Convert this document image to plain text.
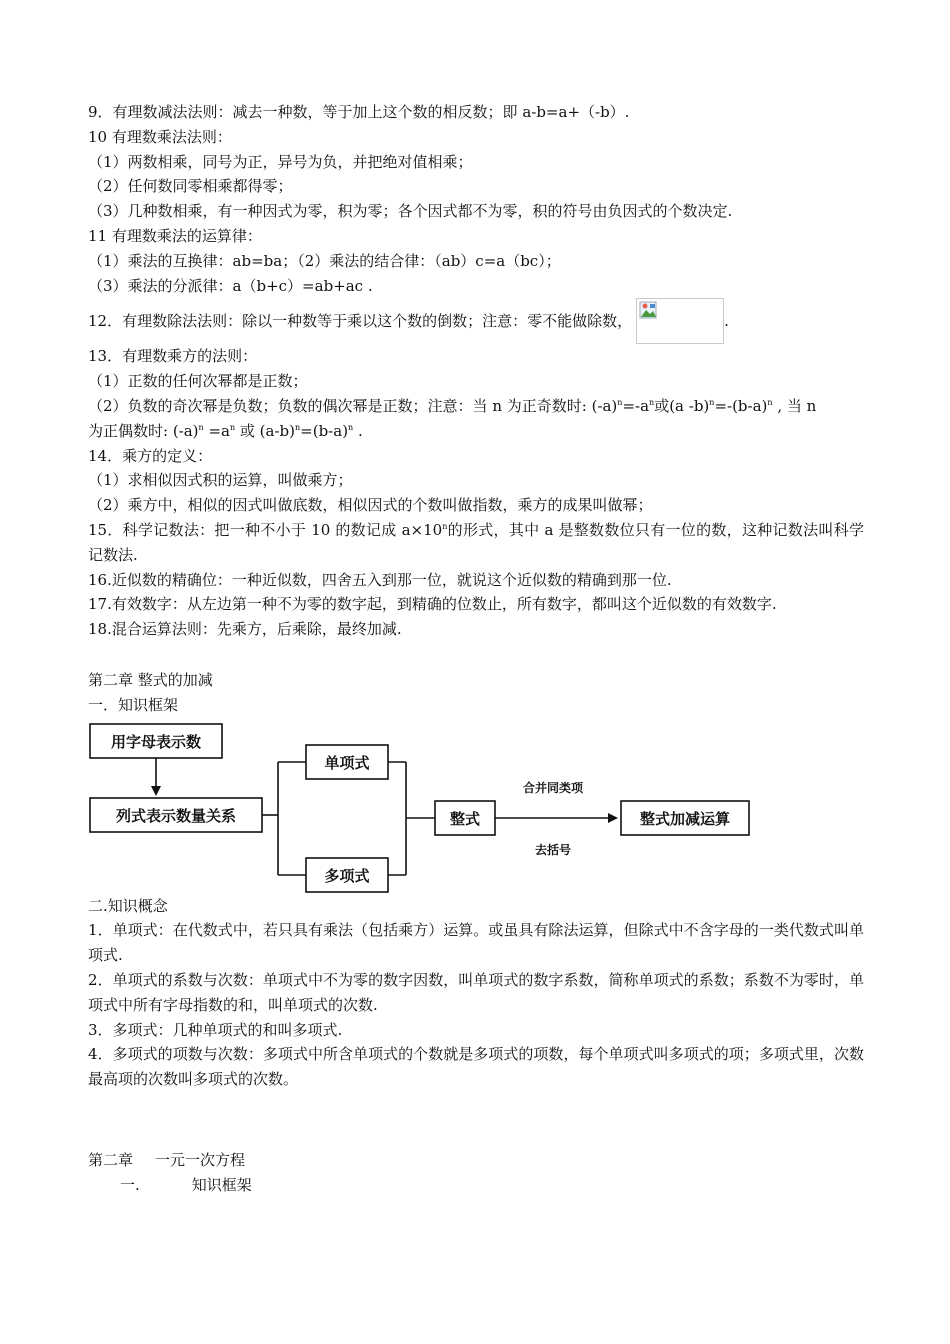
9．有理数减法法则：减去一种数，等于加上这个数的相反数；即 a-b=a+（-b）.
10 有理数乘法法则：
（1）两数相乘，同号为正，异号为负，并把绝对值相乘；
（2）任何数同零相乘都得零；
（3）几种数相乘，有一种因式为零，积为零；各个因式都不为零，积的符号由负因式的个数决定.
11 有理数乘法的运算律：
（1）乘法的互换律：ab=ba；（2）乘法的结合律：（ab）c=a（bc）；
（3）乘法的分派律：a（b+c）=ab+ac .
12．有理数除法法则：除以一种数等于乘以这个数的倒数；注意：零不能做除数，	.
13．有理数乘方的法则：
（1）正数的任何次幂都是正数；
（2）负数的奇次幂是负数；负数的偶次幂是正数；注意：当 n 为正奇数时: $(-a)^n=-a^n$或(a $-b)^n=-(b-a)^n$ , 当 n
为正偶数时: $(-a)^n =a^n$ 或 $(a-b)^n=(b-a)^n$ .
14．乘方的定义：
（1）求相似因式积的运算，叫做乘方；
（2）乘方中，相似的因式叫做底数，相似因式的个数叫做指数，乘方的成果叫做幂；
15．科学记数法：把一种不小于 10 的数记成 $a\times 10^n$的形式，其中 a 是整数数位只有一位的数，这种记数法叫科学记数法.
16.近似数的精确位：一种近似数，四舍五入到那一位，就说这个近似数的精确到那一位.
17.有效数字：从左边第一种不为零的数字起，到精确的位数止，所有数字，都叫这个近似数的有效数字.
18.混合运算法则：先乘方，后乘除，最终加减.
第二章 整式的加减
一．知识框架
用字母表示数
列式表示数量关系
单项式
多项式
整式	整式加减运算
合并同类项
去括号
二.知识概念
1．单项式：在代数式中，若只具有乘法（包括乘方）运算。或虽具有除法运算，但除式中不含字母的一类代数式叫单项式.
2．单项式的系数与次数：单项式中不为零的数字因数，叫单项式的数字系数，简称单项式的系数；系数不为零时，单项式中所有字母指数的和，叫单项式的次数.
3．多项式：几种单项式的和叫多项式.
4．多项式的项数与次数：多项式中所含单项式的个数就是多项式的项数，每个单项式叫多项式的项；多项式里，次数最高项的次数叫多项式的次数。
第二章 一元一次方程
一.	知识框架
